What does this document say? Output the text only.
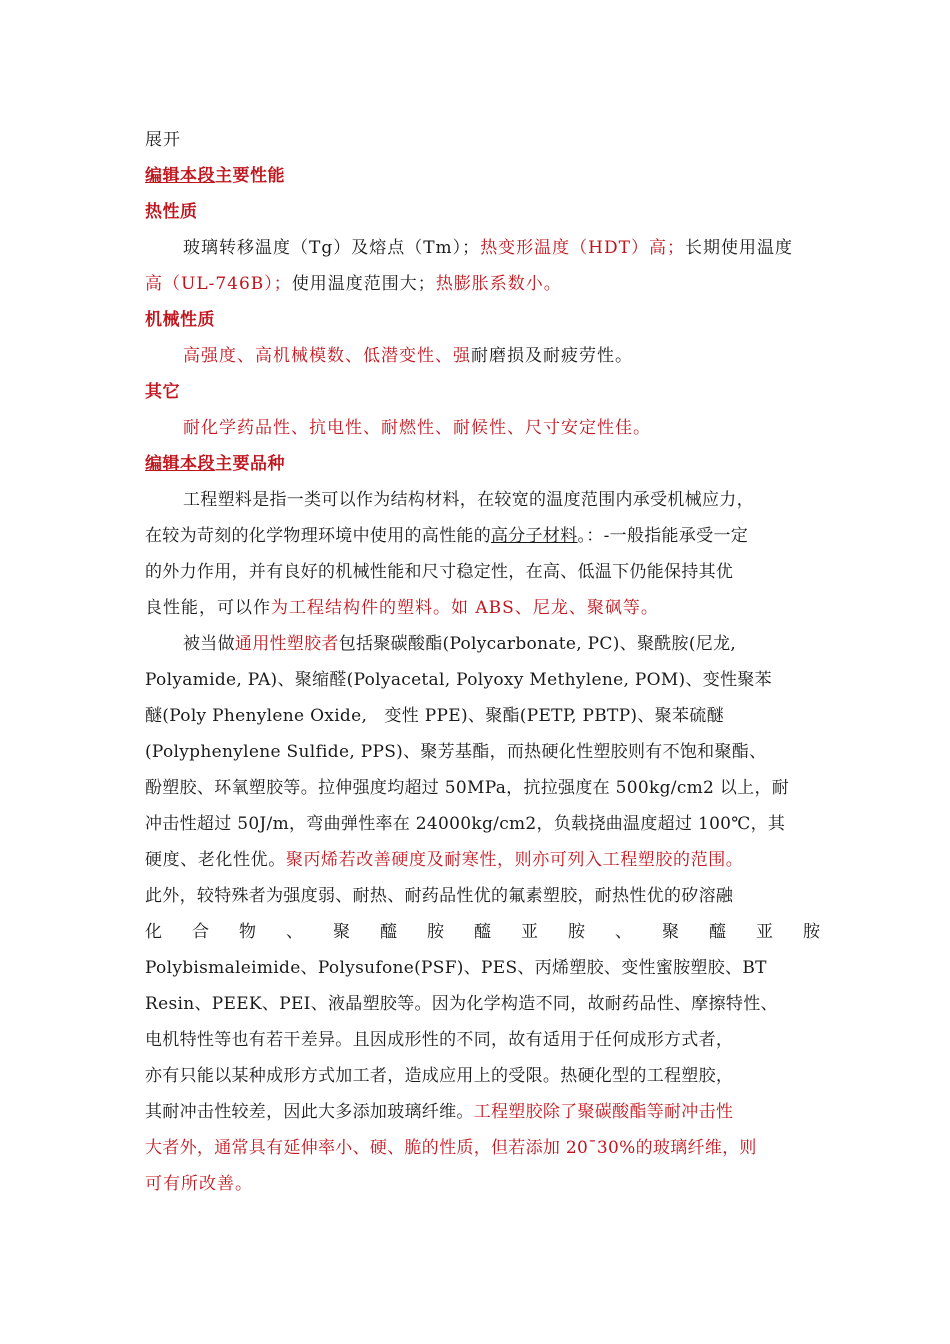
展开
编辑本段主要性能
热性质
玻璃转移温度（Tg）及熔点（Tm）；热变形温度（HDT）高；长期使用温度
高（UL-746B）；使用温度范围大；热膨胀系数小。
机械性质
高强度、高机械模数、低潜变性、强耐磨损及耐疲劳性。
其它
耐化学药品性、抗电性、耐燃性、耐候性、尺寸安定性佳。
编辑本段主要品种
工程塑料是指一类可以作为结构材料，在较宽的温度范围内承受机械应力，
在较为苛刻的化学物理环境中使用的高性能的高分子材料。：-一般指能承受一定
的外力作用，并有良好的机械性能和尺寸稳定性，在高、低温下仍能保持其优
良性能，可以作为工程结构件的塑料。如 ABS、尼龙、聚砜等。
被当做通用性塑胶者包括聚碳酸酯(Polycarbonate, PC)、聚酰胺(尼龙,
Polyamide, PA)、聚缩醛(Polyacetal, Polyoxy Methylene, POM)、变性聚苯
醚(Poly Phenylene Oxide,　变性 PPE)、聚酯(PETP, PBTP)、聚苯硫醚
(Polyphenylene Sulfide, PPS)、聚芳基酯，而热硬化性塑胶则有不饱和聚酯、
酚塑胶、环氧塑胶等。拉伸强度均超过 50MPa，抗拉强度在 500kg/cm2 以上，耐
冲击性超过 50J/m，弯曲弹性率在 24000kg/cm2，负载挠曲温度超过 100℃，其
硬度、老化性优。聚丙烯若改善硬度及耐寒性，则亦可列入工程塑胶的范围。
此外，较特殊者为强度弱、耐热、耐药品性优的氟素塑胶，耐热性优的矽溶融
化 合 物 、 聚 醯 胺 醯 亚 胺 、 聚 醯 亚 胺
Polybismaleimide、Polysufone(PSF)、PES、丙烯塑胶、变性蜜胺塑胶、BT
Resin、PEEK、PEI、液晶塑胶等。因为化学构造不同，故耐药品性、摩擦特性、
电机特性等也有若干差异。且因成形性的不同，故有适用于任何成形方式者，
亦有只能以某种成形方式加工者，造成应用上的受限。热硬化型的工程塑胶，
其耐冲击性较差，因此大多添加玻璃纤维。工程塑胶除了聚碳酸酯等耐冲击性
大者外，通常具有延伸率小、硬、脆的性质，但若添加 20¯30%的玻璃纤维，则
可有所改善。
